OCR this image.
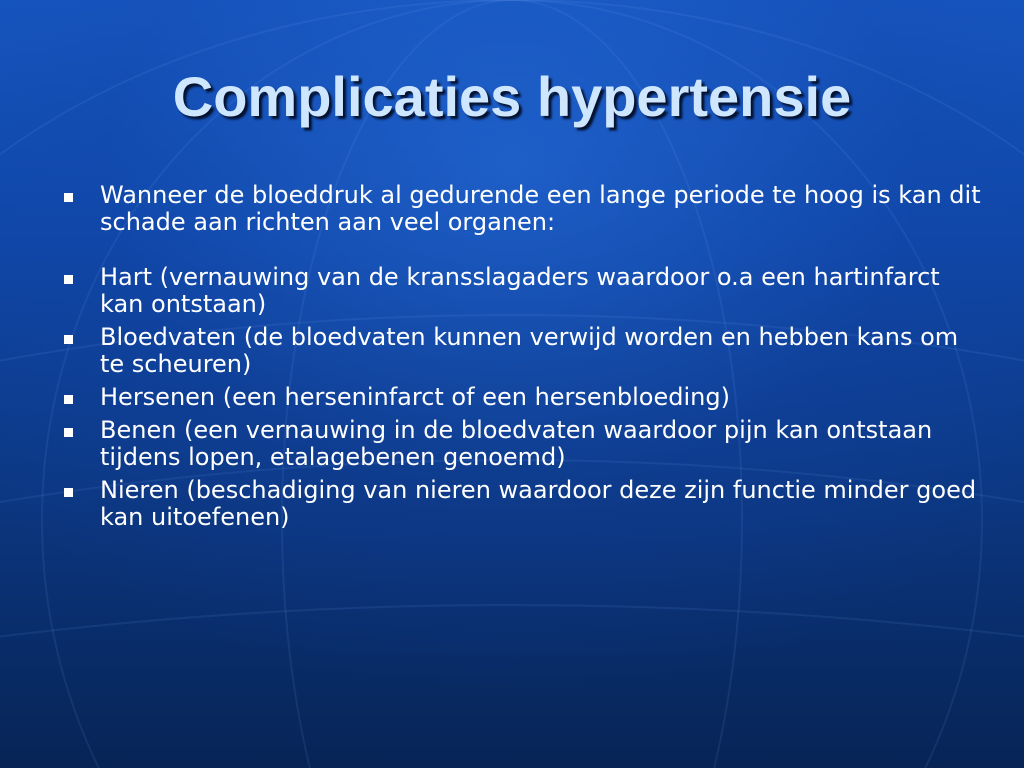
Complicaties hypertensie
Wanneer de bloeddruk al gedurende een lange periode te hoog is kan dit schade aan richten aan veel organen:
Hart (vernauwing van de kransslagaders waardoor o.a een hartinfarct kan ontstaan)
Bloedvaten (de bloedvaten kunnen verwijd worden en hebben kans om te scheuren)
Hersenen (een herseninfarct of een hersenbloeding)
Benen (een vernauwing in de bloedvaten waardoor pijn kan ontstaan tijdens lopen, etalagebenen genoemd)
Nieren (beschadiging van nieren waardoor deze zijn functie minder goed kan uitoefenen)
